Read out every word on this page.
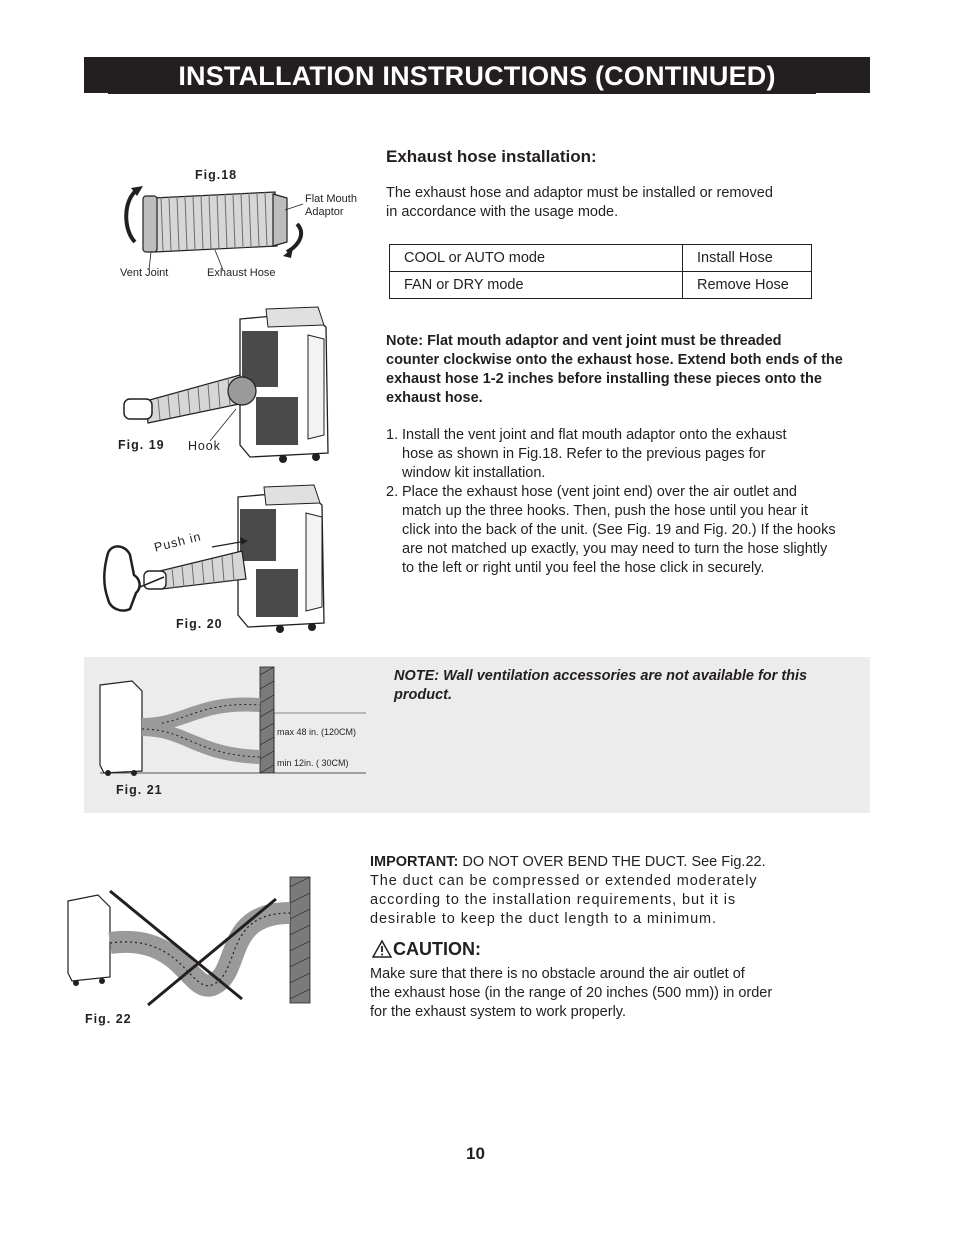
INSTALLATION INSTRUCTIONS (CONTINUED)
Exhaust hose installation:
The exhaust hose and adaptor must be installed or removed
in accordance with the usage mode.
COOL or AUTO mode	Install Hose
FAN or DRY mode	Remove Hose
Note: Flat mouth adaptor and vent joint must be threaded
counter clockwise onto the exhaust hose. Extend both ends of the
exhaust hose 1-2 inches before installing these pieces onto the
exhaust hose.
1. Install the vent joint and flat mouth adaptor onto the exhaust
hose as shown in Fig.18. Refer to the previous pages for
window kit installation.
2. Place the exhaust hose (vent joint end) over the air outlet and
match up the three hooks. Then, push the hose until you hear it
click into the back of the unit. (See Fig. 19 and Fig. 20.) If the hooks
are not matched up exactly, you may need to turn the hose slightly
to the left or right until you feel the hose click in securely.
Fig.18
Flat Mouth
Adaptor
Vent Joint	Exhaust Hose
Fig. 19 Hook
Push in
Fig. 20
max 48 in. (120CM)
min 12in. ( 30CM)
Fig. 21
NOTE: Wall ventilation accessories are not available for this
product.
Fig. 22
IMPORTANT: DO NOT OVER BEND THE DUCT. See Fig.22.
The duct can be compressed or extended moderately
according to the installation requirements, but it is
desirable to keep the duct length to a minimum.
CAUTION:
Make sure that there is no obstacle around the air outlet of
the exhaust hose (in the range of 20 inches (500 mm)) in order
for the exhaust system to work properly.
10
